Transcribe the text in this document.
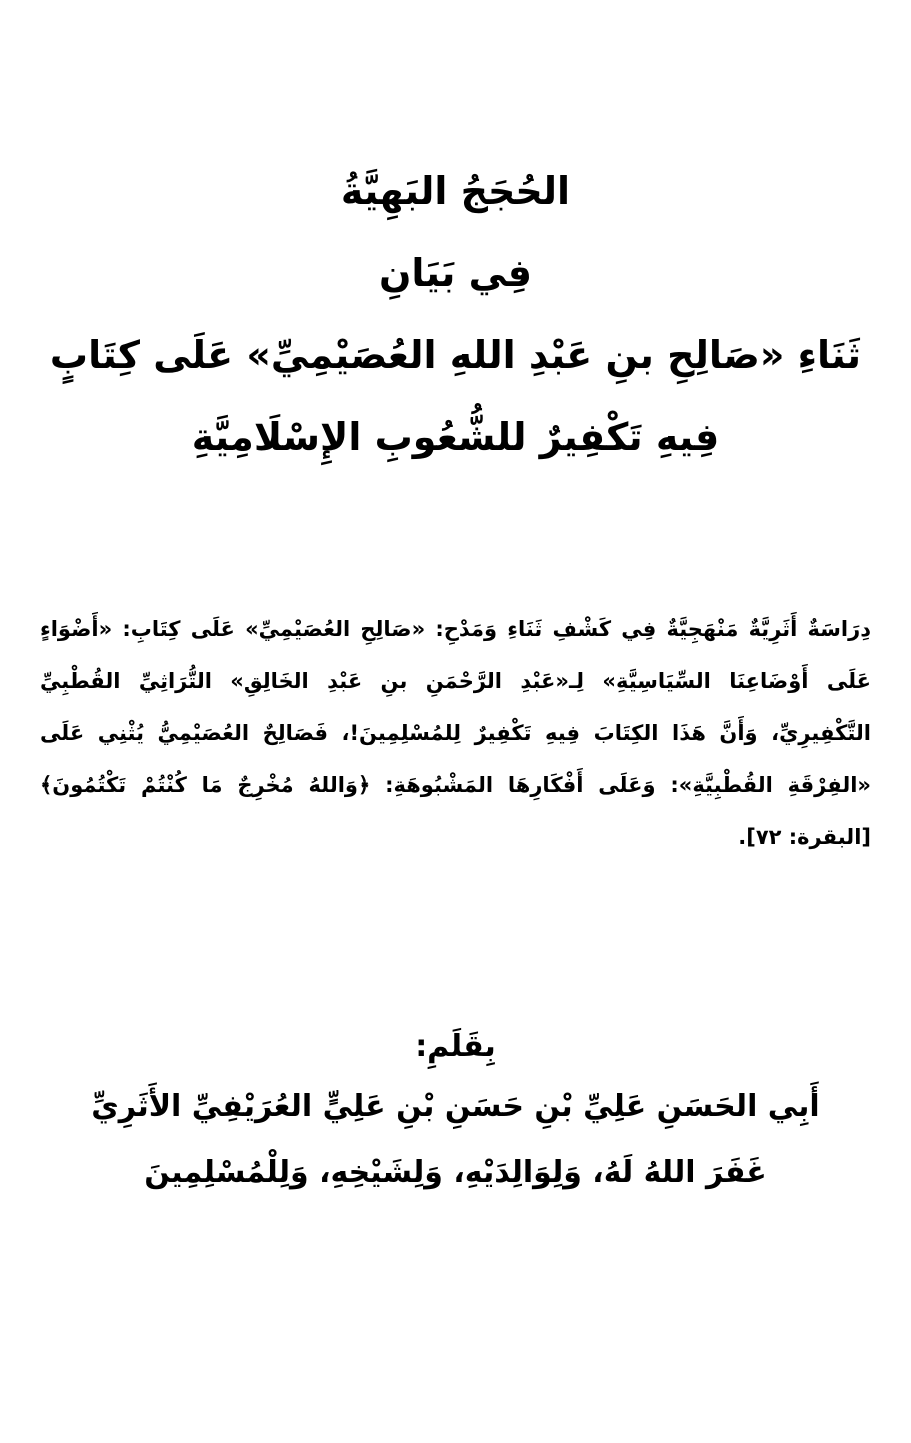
الحُجَجُ البَهِيَّةُ
فِي بَيَانِ
ثَنَاءِ «صَالِحِ بنِ عَبْدِ اللهِ العُصَيْمِيِّ» عَلَى كِتَابٍ
فِيهِ تَكْفِيرٌ للشُّعُوبِ الإِسْلَامِيَّةِ

دِرَاسَةٌ أَثَرِيَّةٌ مَنْهَجِيَّةٌ فِي كَشْفِ ثَنَاءِ وَمَدْحِ: «صَالِحِ العُصَيْمِيِّ» عَلَى كِتَابِ: «أَضْوَاءٍ عَلَى أَوْضَاعِنَا السِّيَاسِيَّةِ» لِـ«عَبْدِ الرَّحْمَنِ بنِ عَبْدِ الخَالِقِ» التُّرَاثِيِّ القُطْبِيِّ التَّكْفِيرِيِّ، وَأَنَّ هَذَا الكِتَابَ فِيهِ تَكْفِيرٌ لِلمُسْلِمِينَ!، فَصَالِحٌ العُصَيْمِيُّ يُثْنِي عَلَى «الفِرْقَةِ القُطْبِيَّةِ»: وَعَلَى أَفْكَارِهَا المَشْبُوهَةِ: ﴿وَاللهُ مُخْرِجٌ مَا كُنْتُمْ تَكْتُمُونَ﴾ [البقرة: ٧٢].

بِقَلَمِ:
أَبِي الحَسَنِ عَلِيِّ بْنِ حَسَنِ بْنِ عَلِيٍّ العُرَيْفِيِّ الأَثَرِيِّ
غَفَرَ اللهُ لَهُ، وَلِوَالِدَيْهِ، وَلِشَيْخِهِ، وَلِلْمُسْلِمِينَ
